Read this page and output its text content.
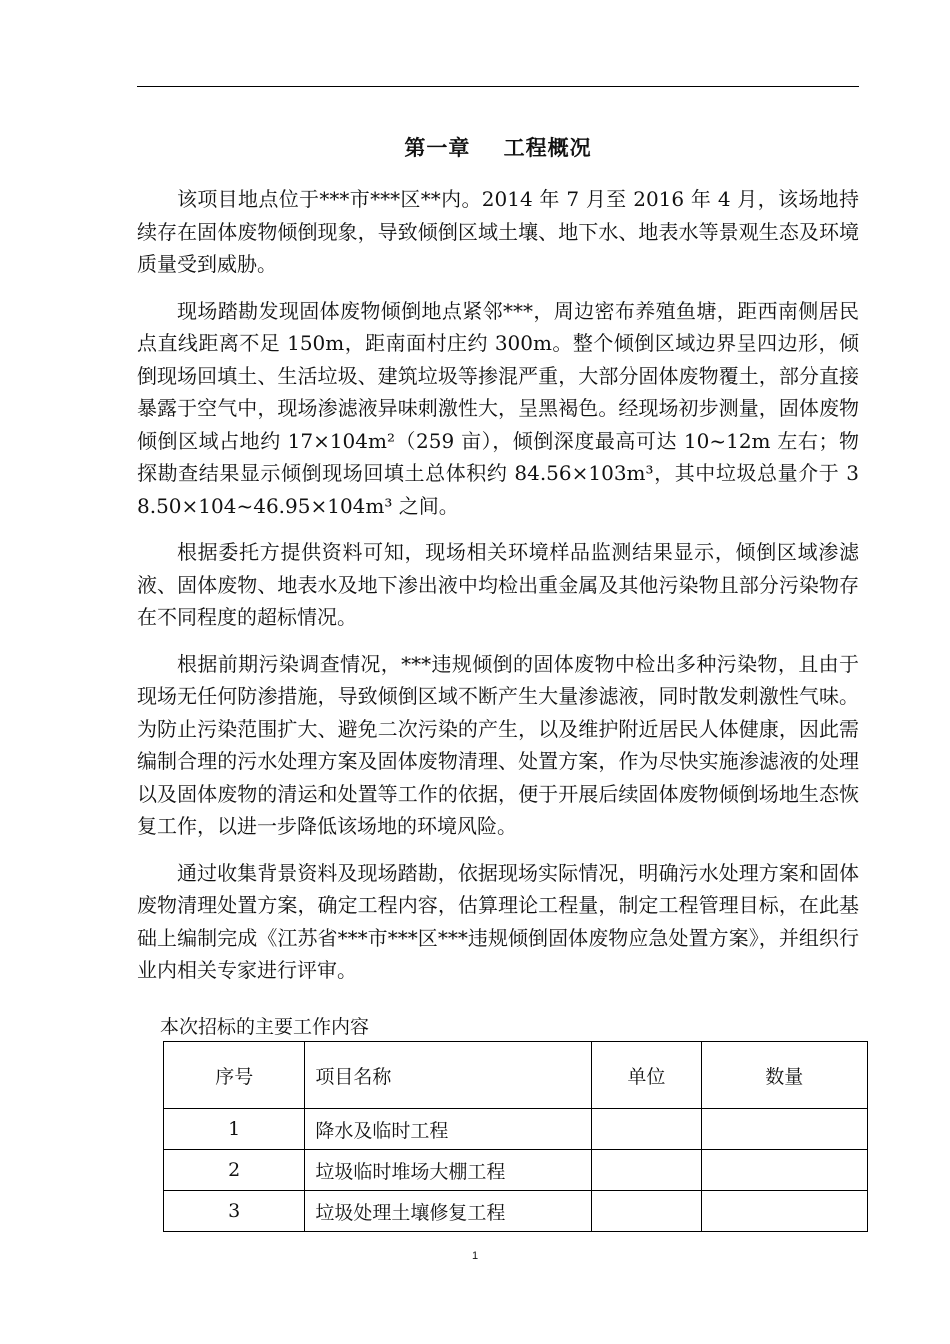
第一章    工程概况

该项目地点位于***市***区**内。2014 年 7 月至 2016 年 4 月，该场地持续存在固体废物倾倒现象，导致倾倒区域土壤、地下水、地表水等景观生态及环境质量受到威胁。

现场踏勘发现固体废物倾倒地点紧邻***，周边密布养殖鱼塘，距西南侧居民点直线距离不足 150m，距南面村庄约 300m。整个倾倒区域边界呈四边形，倾倒现场回填土、生活垃圾、建筑垃圾等掺混严重，大部分固体废物覆土，部分直接暴露于空气中，现场渗滤液异味刺激性大，呈黑褐色。经现场初步测量，固体废物倾倒区域占地约 17×104m²（259 亩），倾倒深度最高可达 10~12m 左右；物探勘查结果显示倾倒现场回填土总体积约 84.56×103m³，其中垃圾总量介于 38.50×104~46.95×104m³ 之间。

根据委托方提供资料可知，现场相关环境样品监测结果显示，倾倒区域渗滤液、固体废物、地表水及地下渗出液中均检出重金属及其他污染物且部分污染物存在不同程度的超标情况。

根据前期污染调查情况，***违规倾倒的固体废物中检出多种污染物，且由于现场无任何防渗措施，导致倾倒区域不断产生大量渗滤液，同时散发刺激性气味。为防止污染范围扩大、避免二次污染的产生，以及维护附近居民人体健康，因此需编制合理的污水处理方案及固体废物清理、处置方案，作为尽快实施渗滤液的处理以及固体废物的清运和处置等工作的依据，便于开展后续固体废物倾倒场地生态恢复工作，以进一步降低该场地的环境风险。

通过收集背景资料及现场踏勘，依据现场实际情况，明确污水处理方案和固体废物清理处置方案，确定工程内容，估算理论工程量，制定工程管理目标，在此基础上编制完成《江苏省***市***区***违规倾倒固体废物应急处置方案》，并组织行业内相关专家进行评审。

本次招标的主要工作内容
序号	项目名称	单位	数量
1	降水及临时工程		
2	垃圾临时堆场大棚工程		
3	垃圾处理土壤修复工程		
1
